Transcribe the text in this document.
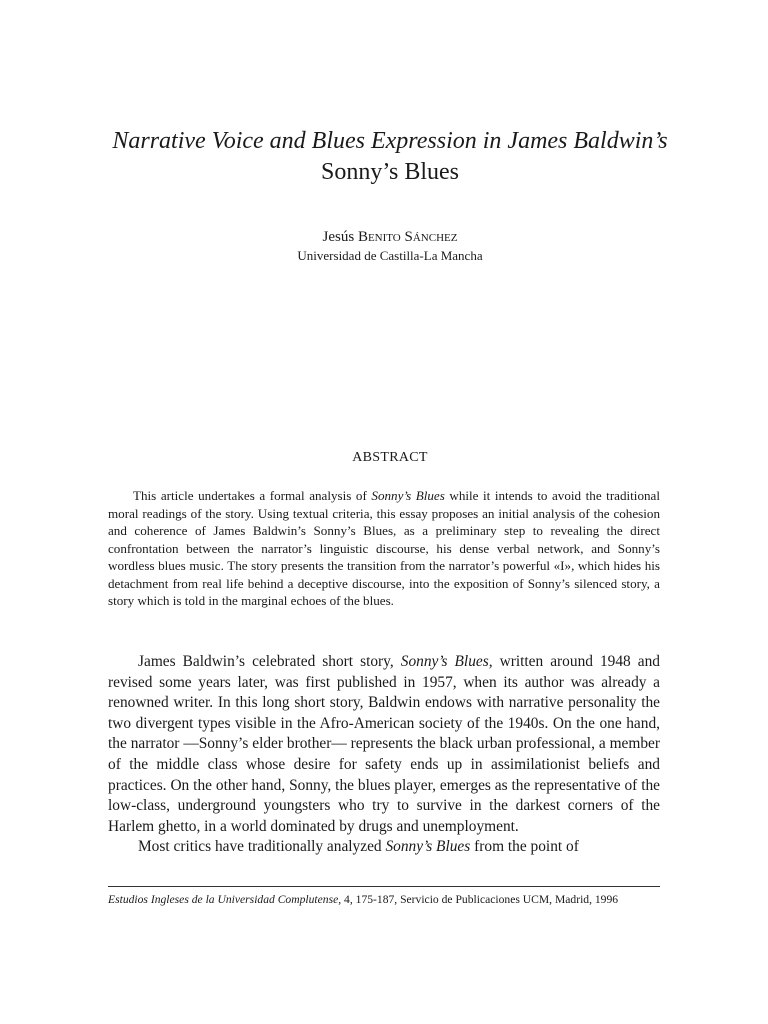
Narrative Voice and Blues Expression in James Baldwin’s Sonny’s Blues
Jesús Benito Sánchez
Universidad de Castilla-La Mancha
ABSTRACT

This article undertakes a formal analysis of Sonny’s Blues while it intends to avoid the traditional moral readings of the story. Using textual criteria, this essay proposes an initial analysis of the cohesion and coherence of James Baldwin’s Sonny’s Blues, as a preliminary step to revealing the direct confrontation between the narrator’s linguistic discourse, his dense verbal network, and Sonny’s wordless blues music. The story presents the transition from the narrator’s powerful «I», which hides his detachment from real life behind a deceptive discourse, into the exposition of Sonny’s silenced story, a story which is told in the marginal echoes of the blues.

James Baldwin’s celebrated short story, Sonny’s Blues, written around 1948 and revised some years later, was first published in 1957, when its author was already a renowned writer. In this long short story, Baldwin endows with narrative personality the two divergent types visible in the Afro-American society of the 1940s. On the one hand, the narrator —Sonny’s elder brother— represents the black urban professional, a member of the middle class whose desire for safety ends up in assimilationist beliefs and practices. On the other hand, Sonny, the blues player, emerges as the representative of the low-class, underground youngsters who try to survive in the darkest corners of the Harlem ghetto, in a world dominated by drugs and unemployment.

Most critics have traditionally analyzed Sonny’s Blues from the point of

Estudios Ingleses de la Universidad Complutense, 4, 175-187, Servicio de Publicaciones UCM, Madrid, 1996
